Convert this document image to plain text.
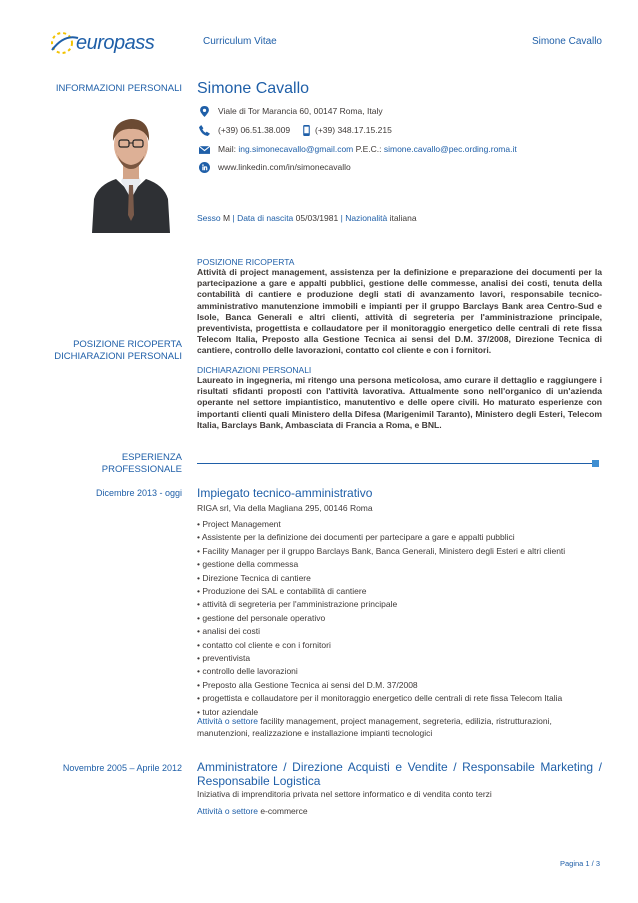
europass	Curriculum Vitae	Simone Cavallo
INFORMAZIONI PERSONALI Simone Cavallo
Viale di Tor Marancia 60, 00147 Roma, Italy
(+39) 06.51.38.009	(+39) 348.17.15.215
Mail: ing.simonecavallo@gmail.com P.E.C.: simone.cavallo@pec.ording.roma.it
www.linkedin.com/in/simonecavallo
Sesso M | Data di nascita 05/03/1981 | Nazionalità italiana
POSIZIONE RICOPERTA
DICHIARAZIONI PERSONALI
POSIZIONE RICOPERTA
Attività di project management, assistenza per la definizione e preparazione dei documenti per la partecipazione a gare e appalti pubblici, gestione delle commesse, analisi dei costi, tenuta della contabilità di cantiere e produzione degli stati di avanzamento lavori, responsabile tecnico-amministrativo manutenzione immobili e impianti per il gruppo Barclays Bank area Centro-Sud e Isole, Banca Generali e altri clienti, attività di segreteria per l'amministrazione principale, preventivista, progettista e collaudatore per il monitoraggio energetico delle centrali di rete fissa Telecom Italia, Preposto alla Gestione Tecnica ai sensi del D.M. 37/2008, Direzione Tecnica di cantiere, controllo delle lavorazioni, contatto col cliente e con i fornitori.
DICHIARAZIONI PERSONALI
Laureato in ingegneria, mi ritengo una persona meticolosa, amo curare il dettaglio e raggiungere i risultati sfidanti proposti con l'attività lavorativa. Attualmente sono nell'organico di un'azienda operante nel settore impiantistico, manutentivo e delle opere civili. Ho maturato esperienze con importanti clienti quali Ministero della Difesa (Marigenimil Taranto), Ministero degli Esteri, Telecom Italia, Barclays Bank, Ambasciata di Francia a Roma, e BNL.
ESPERIENZA
PROFESSIONALE
Dicembre 2013 - oggi Impiegato tecnico-amministrativo
RIGA srl, Via della Magliana 295, 00146 Roma
• Project Management
• Assistente per la definizione dei documenti per partecipare a gare e appalti pubblici
• Facility Manager per il gruppo Barclays Bank, Banca Generali, Ministero degli Esteri e altri clienti
• gestione della commessa
• Direzione Tecnica di cantiere
• Produzione dei SAL e contabilità di cantiere
• attività di segreteria per l'amministrazione principale
• gestione del personale operativo
• analisi dei costi
• contatto col cliente e con i fornitori
• preventivista
• controllo delle lavorazioni
• Preposto alla Gestione Tecnica ai sensi del D.M. 37/2008
• progettista e collaudatore per il monitoraggio energetico delle centrali di rete fissa Telecom Italia
• tutor aziendale
Attività o settore facility management, project management, segreteria, edilizia, ristrutturazioni, manutenzioni, realizzazione e installazione impianti tecnologici
Novembre 2005 – Aprile 2012 Amministratore / Direzione Acquisti e Vendite / Responsabile Marketing / Responsabile Logistica
Iniziativa di imprenditoria privata nel settore informatico e di vendita conto terzi
Attività o settore e-commerce
Pagina 1 / 3
